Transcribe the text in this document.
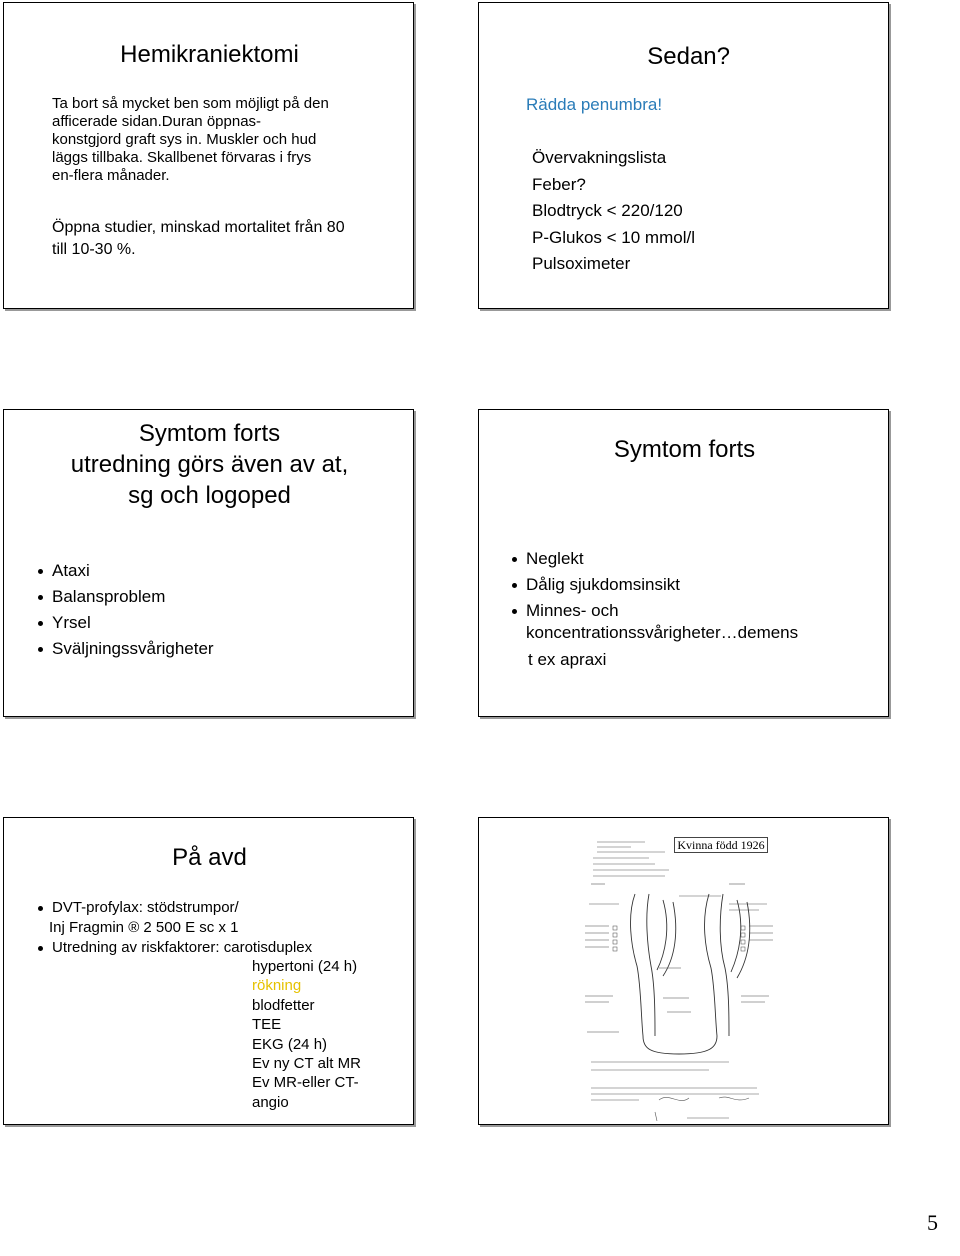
Hemikraniektomi
Ta bort så mycket ben som möjligt på den
afficerade sidan.Duran öppnas-
konstgjord graft sys in. Muskler och hud
läggs tillbaka. Skallbenet förvaras i frys
en-flera månader.
Öppna studier, minskad mortalitet från 80
till 10-30 %.
Sedan?
Rädda penumbra!
Övervakningslista
Feber?
Blodtryck < 220/120
P-Glukos < 10 mmol/l
Pulsoximeter
Symtom forts
utredning görs även av at,
sg och logoped
Ataxi
Balansproblem
Yrsel
Sväljningssvårigheter
Symtom forts
Neglekt
Dålig sjukdomsinsikt
Minnes- och
koncentrationssvårigheter…demens
t ex apraxi
På avd
DVT-profylax: stödstrumpor/
Inj Fragmin ® 2 500 E sc x 1
Utredning av riskfaktorer: carotisduplex
hypertoni (24 h)
rökning
blodfetter
TEE
EKG (24 h)
Ev ny CT alt MR
Ev MR-eller CT-
angio
Kvinna född 1926
5
